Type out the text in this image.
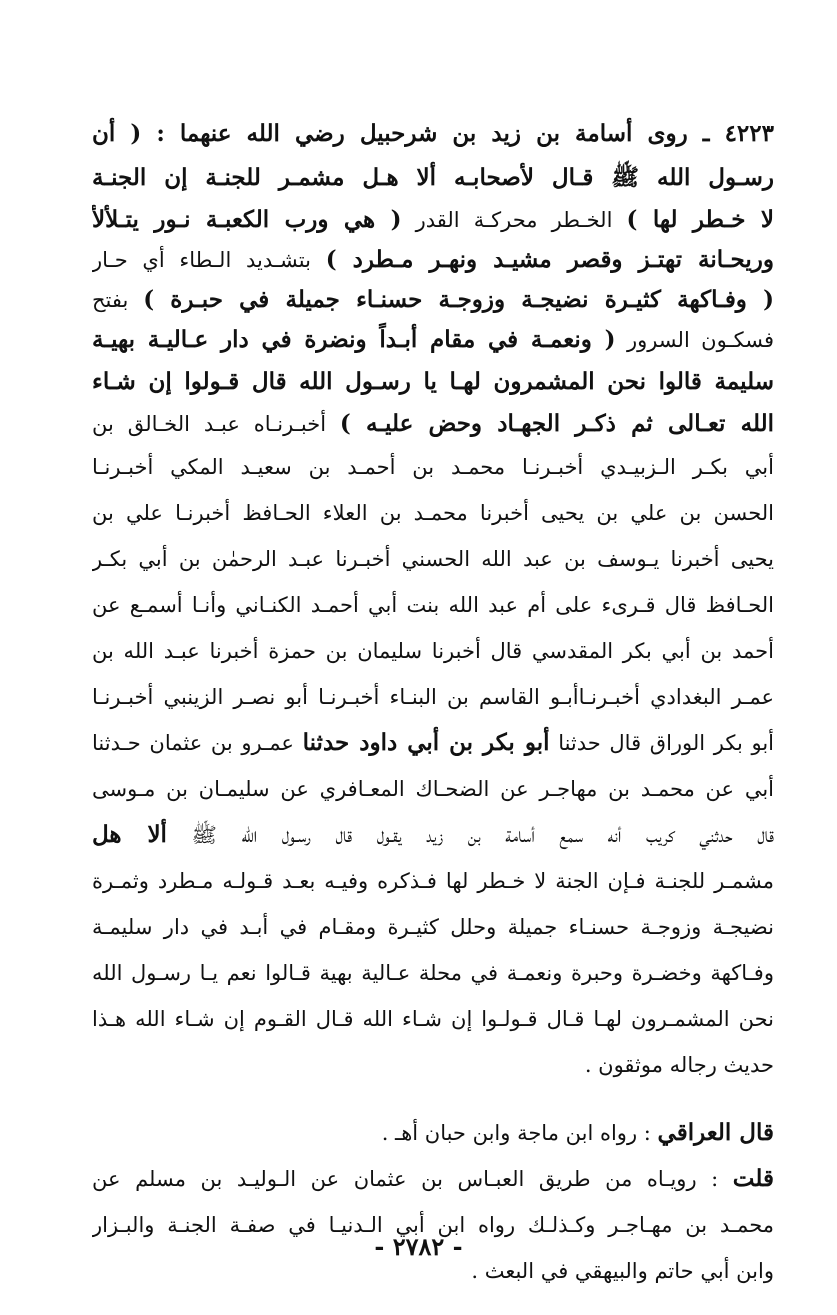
٤٢٢٣ ـ روى أسامة بن زيد بن شرحبيل رضي الله عنهما : ( أن
رسـول الله ﷺ قـال لأصحابـه ألا هـل مشمـر للجنـة إن الجنـة
لا خـطر لها ) الخـطر محركـة القدر ( هي ورب الكعبـة نـور يتـلألأ
وريحـانة تهتـز وقصر مشيـد ونهـر مـطرد ) بتشـديد الـطاء أي حـار
( وفـاكهة كثيـرة نضيجـة وزوجـة حسنـاء جميلة في حبـرة ) بفتح
فسكـون السرور ( ونعمـة في مقام أبـداً ونضرة في دار عـاليـة بهيـة
سليمة قالوا نحن المشمرون لهـا يا رسـول الله قال قـولوا إن شـاء
الله تعـالى ثم ذكـر الجهـاد وحض عليـه ) أخبـرنـاه عبـد الخـالق بن
أبي بكـر الـزبيـدي أخبـرنـا محمـد بن أحمـد بن سعيـد المكي أخبـرنـا
الحسن بن علي بن يحيى أخبرنا محمـد بن العلاء الحـافظ أخبرنـا علي بن
يحيى أخبرنا يـوسف بن عبد الله الحسني أخبـرنا عبـد الرحمٰن بن أبي بكـر
الحـافظ قال قـرىء على أم عبد الله بنت أبي أحمـد الكنـاني وأنـا أسمـع عن
أحمد بن أبي بكر المقدسي قال أخبرنا سليمان بن حمزة أخبرنا عبـد الله بن
عمـر البغدادي أخبـرنـاأبـو القاسم بن البنـاء أخبـرنـا أبو نصـر الزينبي أخبـرنـا
أبو بكر الوراق قال حدثنا أبو بكر بن أبي داود حدثنا عمـرو بن عثمان حـدثنا
أبي عن محمـد بن مهاجـر عن الضحـاك المعـافري عن سليمـان بن مـوسى
قال حدثني كريب أنه سمع أسامة بن زيد يقـول قال رسـول الله ﷺ ألا هل
مشمـر للجنـة فـإن الجنة لا خـطر لها فـذكره وفيـه بعـد قـولـه مـطرد وثمـرة
نضيجـة وزوجـة حسنـاء جميلة وحلل كثيـرة ومقـام في أبـد في دار سليمـة
وفـاكهة وخضـرة وحبرة ونعمـة في محلة عـالية بهية قـالوا نعم يـا رسـول الله
نحن المشمـرون لهـا قـال قـولـوا إن شـاء الله قـال القـوم إن شـاء الله هـذا
حديث رجاله موثقون .
قال العراقي : رواه ابن ماجة وابن حبان أهـ .
قلت : رويـاه من طريق العبـاس بن عثمان عن الـوليـد بن مسلم عن
محمـد بن مهـاجـر وكـذلـك رواه ابن أبي الـدنيـا في صفـة الجنـة والبـزار
وابن أبي حاتم والبيهقي في البعث .
- ٢٧٨٢ -
